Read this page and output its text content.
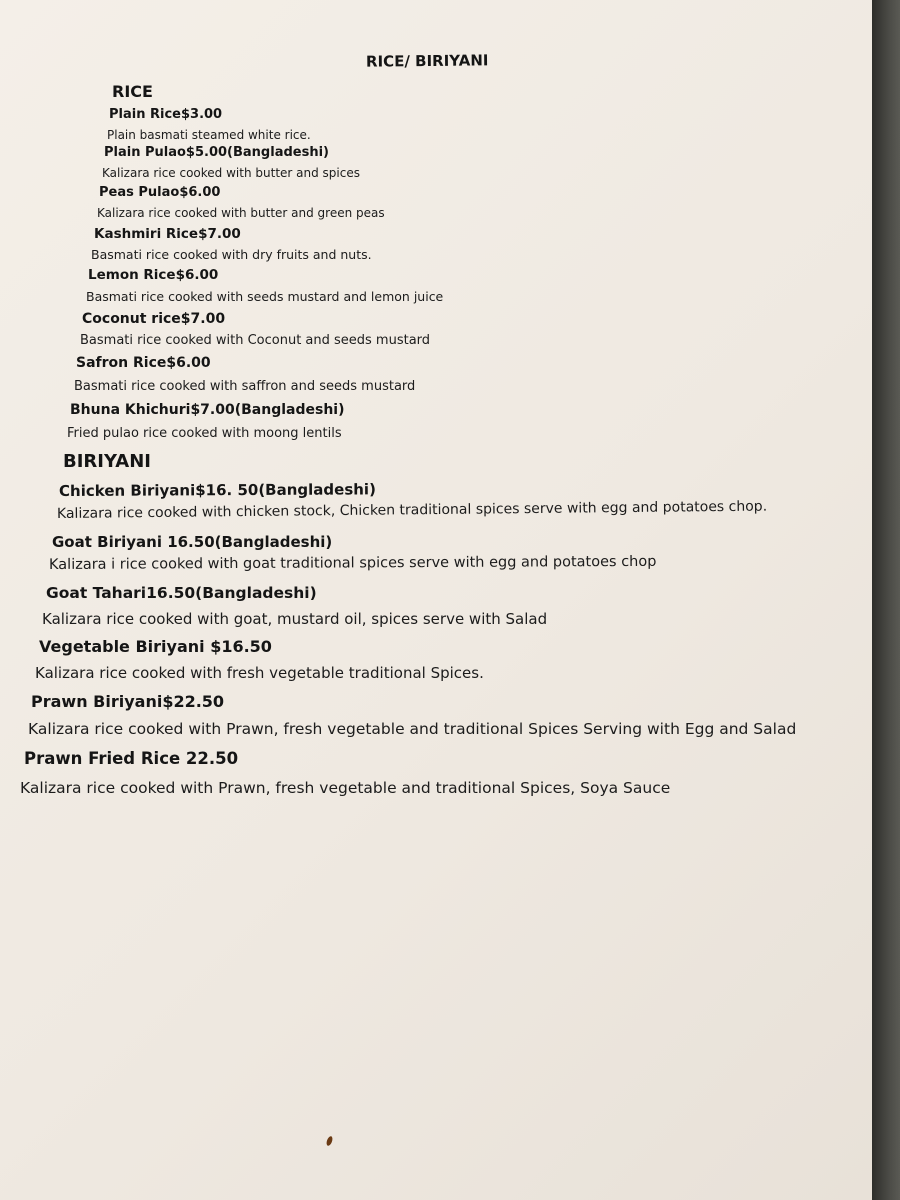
RICE/ BIRIYANI
RICE
Plain Rice$3.00
Plain basmati steamed white rice.
Plain Pulao$5.00(Bangladeshi)
Kalizara rice cooked with butter and spices
Peas Pulao$6.00
Kalizara rice cooked with butter and green peas
Kashmiri Rice$7.00
Basmati rice cooked with dry fruits and nuts.
Lemon Rice$6.00
Basmati rice cooked with seeds mustard and lemon juice
Coconut rice$7.00
Basmati rice cooked with Coconut and seeds mustard
Safron Rice$6.00
Basmati rice cooked with saffron and seeds mustard
Bhuna Khichuri$7.00(Bangladeshi)
Fried pulao rice cooked with moong lentils
BIRIYANI
Chicken Biriyani$16. 50(Bangladeshi)
Kalizara rice cooked with chicken stock, Chicken traditional spices serve with egg and potatoes chop.
Goat Biriyani 16.50(Bangladeshi)
Kalizara i rice cooked with goat traditional spices serve with egg and potatoes chop
Goat Tahari16.50(Bangladeshi)
Kalizara rice cooked with goat, mustard oil, spices serve with Salad
Vegetable Biriyani $16.50
Kalizara rice cooked with fresh vegetable traditional Spices.
Prawn Biriyani$22.50
Kalizara rice cooked with Prawn, fresh vegetable and traditional Spices Serving with Egg and Salad
Prawn Fried Rice 22.50
Kalizara rice cooked with Prawn, fresh vegetable and traditional Spices, Soya Sauce
